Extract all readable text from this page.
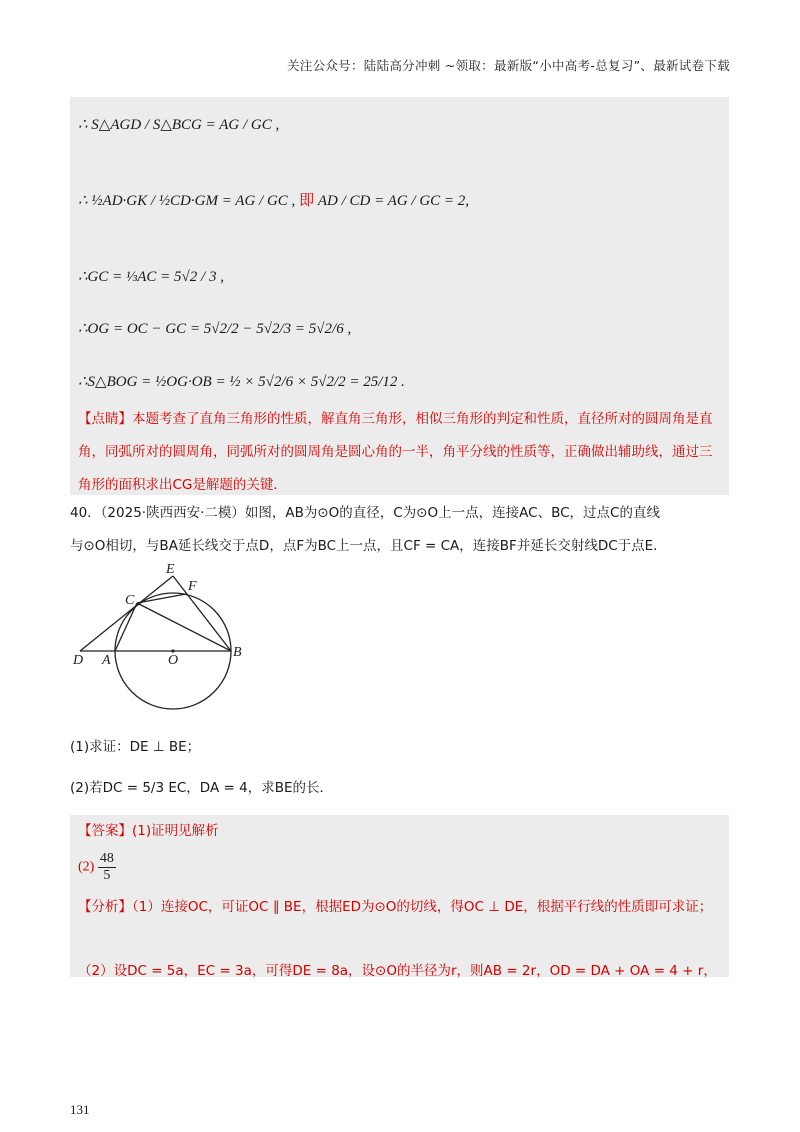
关注公众号：陆陆高分冲刺 ~领取：最新版“小中高考-总复习”、最新试卷下载
∴ S△AGD / S△BCG = AG / GC ,
∴ ½AD·GK / ½CD·GM = AG / GC , 即 AD / CD = AG / GC = 2,
∴GC = ⅓AC = 5√2 / 3 ,
∴OG = OC − GC = 5√2/2 − 5√2/3 = 5√2/6 ,
∴S△BOG = ½OG·OB = ½ × 5√2/6 × 5√2/2 = 25/12 .
【点睛】本题考查了直角三角形的性质，解直角三角形，相似三角形的判定和性质，直径所对的圆周角是直角，同弧所对的圆周角，同弧所对的圆周角是圆心角的一半，角平分线的性质等，正确做出辅助线，通过三角形的面积求出CG是解题的关键．
40．（2025·陕西西安·二模）如图，AB为⊙O的直径，C为⊙O上一点，连接AC、BC，过点C的直线
与⊙O相切，与BA延长线交于点D，点F为BC上一点，且CF = CA，连接BF并延长交射线DC于点E．
E
F
C
D A	O
B
(1)求证：DE ⊥ BE；
(2)若DC = 5/3 EC，DA = 4，求BE的长．
【答案】(1)证明见解析
$(2) \frac{48}{5}$
【分析】（1）连接OC，可证OC ∥ BE，根据ED为⊙O的切线，得OC ⊥ DE，根据平行线的性质即可求证；
（2）设DC = 5a，EC = 3a，可得DE = 8a，设⊙O的半径为r，则AB = 2r，OD = DA + OA = 4 + r，
131
